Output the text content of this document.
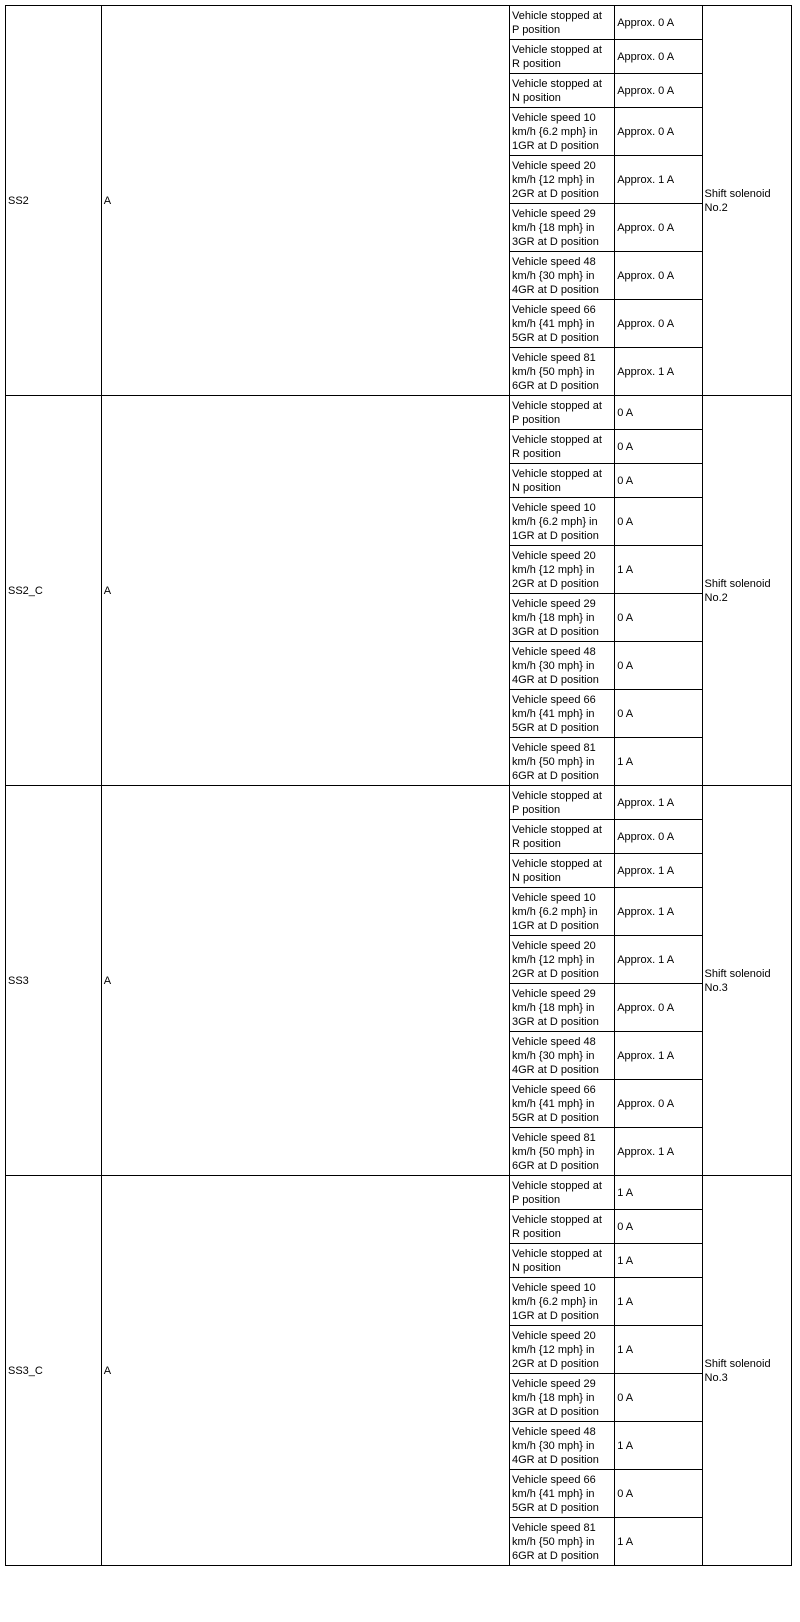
SS2	A	Vehicle stopped at P position	Approx. 0 A	Shift solenoid No.2
		Vehicle stopped at R position	Approx. 0 A	
		Vehicle stopped at N position	Approx. 0 A	
		Vehicle speed 10 km/h {6.2 mph} in 1GR at D position	Approx. 0 A	
		Vehicle speed 20 km/h {12 mph} in 2GR at D position	Approx. 1 A	
		Vehicle speed 29 km/h {18 mph} in 3GR at D position	Approx. 0 A	
		Vehicle speed 48 km/h {30 mph} in 4GR at D position	Approx. 0 A	
		Vehicle speed 66 km/h {41 mph} in 5GR at D position	Approx. 0 A	
		Vehicle speed 81 km/h {50 mph} in 6GR at D position	Approx. 1 A	
SS2_C	A	Vehicle stopped at P position	0 A	Shift solenoid No.2
		Vehicle stopped at R position	0 A	
		Vehicle stopped at N position	0 A	
		Vehicle speed 10 km/h {6.2 mph} in 1GR at D position	0 A	
		Vehicle speed 20 km/h {12 mph} in 2GR at D position	1 A	
		Vehicle speed 29 km/h {18 mph} in 3GR at D position	0 A	
		Vehicle speed 48 km/h {30 mph} in 4GR at D position	0 A	
		Vehicle speed 66 km/h {41 mph} in 5GR at D position	0 A	
		Vehicle speed 81 km/h {50 mph} in 6GR at D position	1 A	
SS3	A	Vehicle stopped at P position	Approx. 1 A	Shift solenoid No.3
		Vehicle stopped at R position	Approx. 0 A	
		Vehicle stopped at N position	Approx. 1 A	
		Vehicle speed 10 km/h {6.2 mph} in 1GR at D position	Approx. 1 A	
		Vehicle speed 20 km/h {12 mph} in 2GR at D position	Approx. 1 A	
		Vehicle speed 29 km/h {18 mph} in 3GR at D position	Approx. 0 A	
		Vehicle speed 48 km/h {30 mph} in 4GR at D position	Approx. 1 A	
		Vehicle speed 66 km/h {41 mph} in 5GR at D position	Approx. 0 A	
		Vehicle speed 81 km/h {50 mph} in 6GR at D position	Approx. 1 A	
SS3_C	A	Vehicle stopped at P position	1 A	Shift solenoid No.3
		Vehicle stopped at R position	0 A	
		Vehicle stopped at N position	1 A	
		Vehicle speed 10 km/h {6.2 mph} in 1GR at D position	1 A	
		Vehicle speed 20 km/h {12 mph} in 2GR at D position	1 A	
		Vehicle speed 29 km/h {18 mph} in 3GR at D position	0 A	
		Vehicle speed 48 km/h {30 mph} in 4GR at D position	1 A	
		Vehicle speed 66 km/h {41 mph} in 5GR at D position	0 A	
		Vehicle speed 81 km/h {50 mph} in 6GR at D position	1 A	
